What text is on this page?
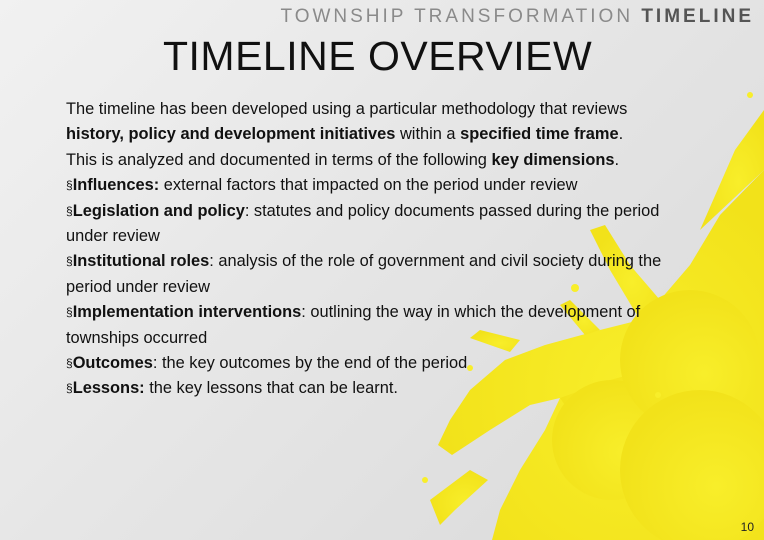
TOWNSHIP TRANSFORMATION TIMELINE
TIMELINE OVERVIEW

The timeline has been developed using a particular methodology that reviews history, policy and development initiatives within a specified time frame.

This is analyzed and documented in terms of the following key dimensions.

§Influences: external factors that impacted on the period under review

§Legislation and policy: statutes and policy documents passed during the period under review

§Institutional roles: analysis of the role of government and civil society during the period under review

§Implementation interventions: outlining the way in which the development of townships occurred

§Outcomes: the key outcomes by the end of the period

§Lessons: the key lessons that can be learnt.

10
